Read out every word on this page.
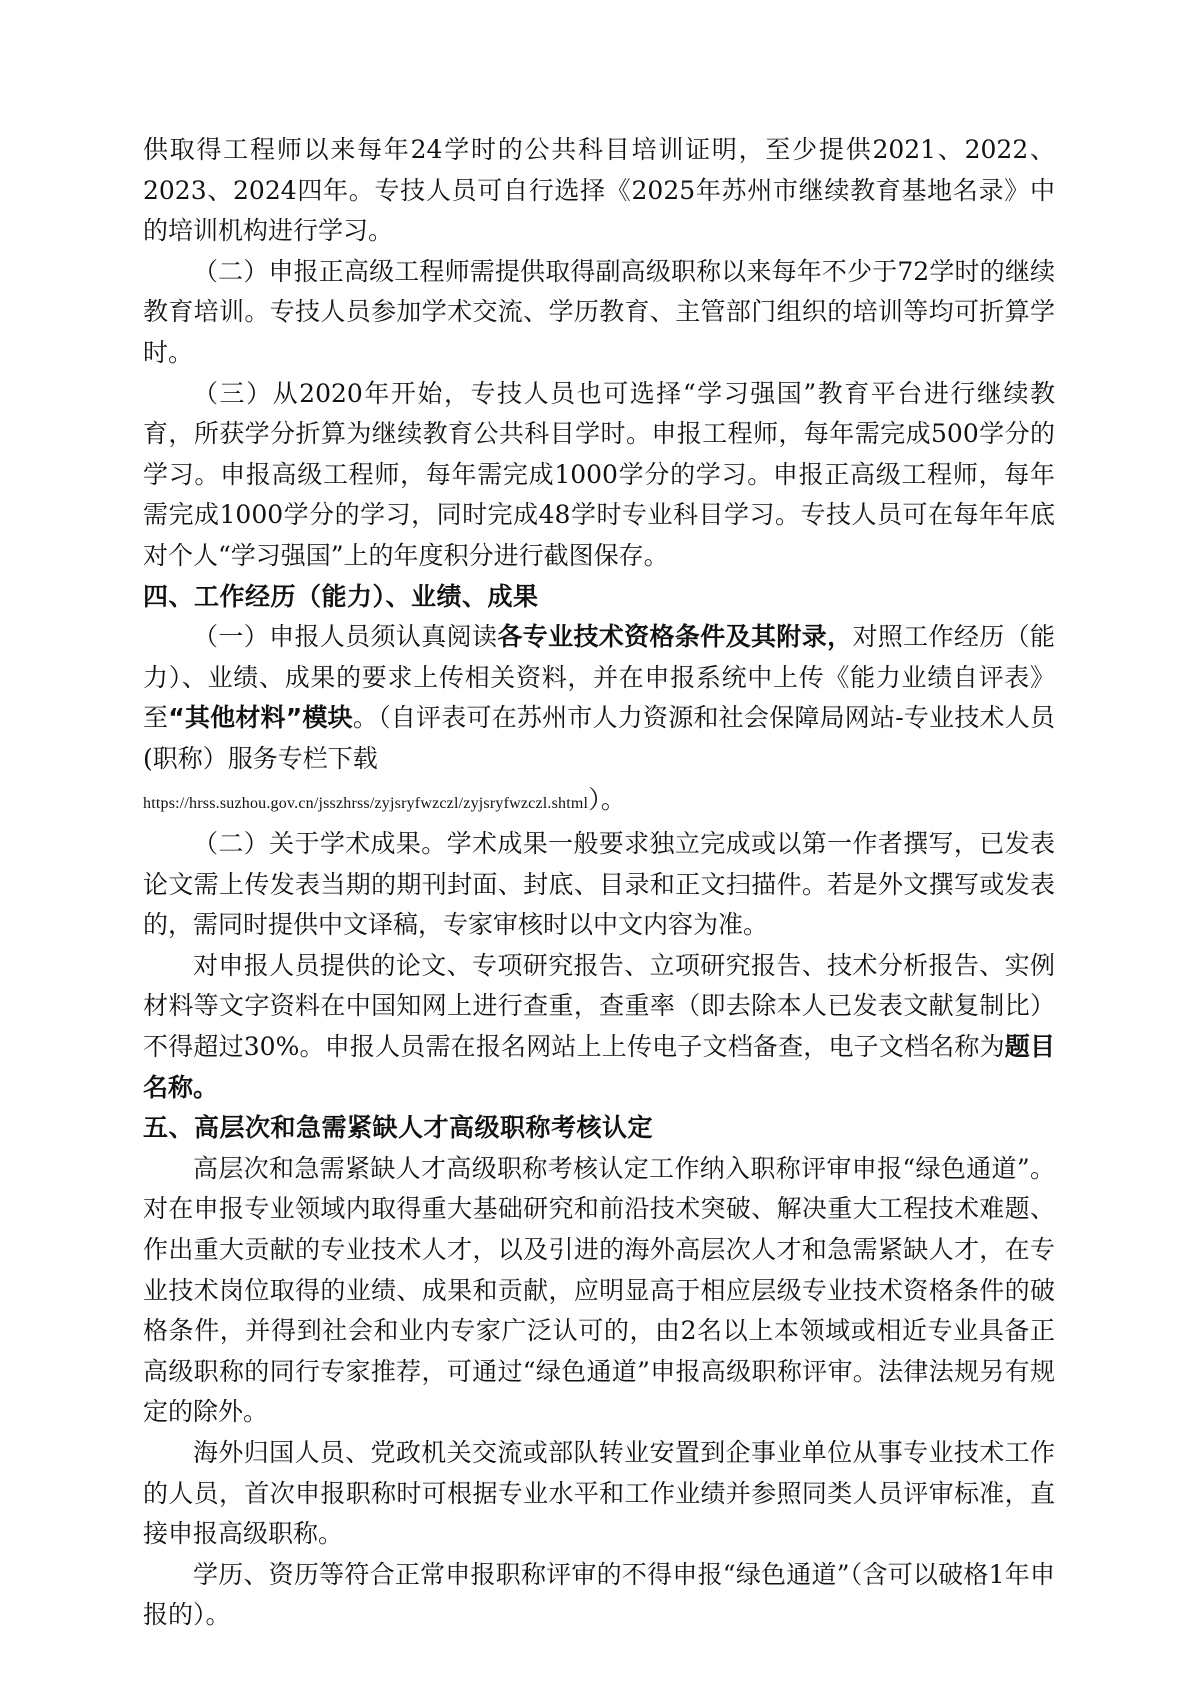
供取得工程师以来每年24学时的公共科目培训证明，至少提供2021、2022、2023、2024四年。专技人员可自行选择《2025年苏州市继续教育基地名录》中的培训机构进行学习。

（二）申报正高级工程师需提供取得副高级职称以来每年不少于72学时的继续教育培训。专技人员参加学术交流、学历教育、主管部门组织的培训等均可折算学时。

（三）从2020年开始，专技人员也可选择“学习强国”教育平台进行继续教育，所获学分折算为继续教育公共科目学时。申报工程师，每年需完成500学分的学习。申报高级工程师，每年需完成1000学分的学习。申报正高级工程师，每年需完成1000学分的学习，同时完成48学时专业科目学习。专技人员可在每年年底对个人“学习强国”上的年度积分进行截图保存。

四、工作经历（能力）、业绩、成果

（一）申报人员须认真阅读各专业技术资格条件及其附录，对照工作经历（能力）、业绩、成果的要求上传相关资料，并在申报系统中上传《能力业绩自评表》至“其他材料”模块。（自评表可在苏州市人力资源和社会保障局网站-专业技术人员(职称）服务专栏下载
https://hrss.suzhou.gov.cn/jsszhrss/zyjsryfwzczl/zyjsryfwzczl.shtml）。

（二）关于学术成果。学术成果一般要求独立完成或以第一作者撰写，已发表论文需上传发表当期的期刊封面、封底、目录和正文扫描件。若是外文撰写或发表的，需同时提供中文译稿，专家审核时以中文内容为准。

对申报人员提供的论文、专项研究报告、立项研究报告、技术分析报告、实例材料等文字资料在中国知网上进行查重，查重率（即去除本人已发表文献复制比）不得超过30%。申报人员需在报名网站上上传电子文档备查，电子文档名称为题目名称。

五、高层次和急需紧缺人才高级职称考核认定

高层次和急需紧缺人才高级职称考核认定工作纳入职称评审申报“绿色通道”。对在申报专业领域内取得重大基础研究和前沿技术突破、解决重大工程技术难题、作出重大贡献的专业技术人才，以及引进的海外高层次人才和急需紧缺人才，在专业技术岗位取得的业绩、成果和贡献，应明显高于相应层级专业技术资格条件的破格条件，并得到社会和业内专家广泛认可的，由2名以上本领域或相近专业具备正高级职称的同行专家推荐，可通过“绿色通道”申报高级职称评审。法律法规另有规定的除外。

海外归国人员、党政机关交流或部队转业安置到企事业单位从事专业技术工作的人员，首次申报职称时可根据专业水平和工作业绩并参照同类人员评审标准，直接申报高级职称。

学历、资历等符合正常申报职称评审的不得申报“绿色通道”（含可以破格1年申报的）。
